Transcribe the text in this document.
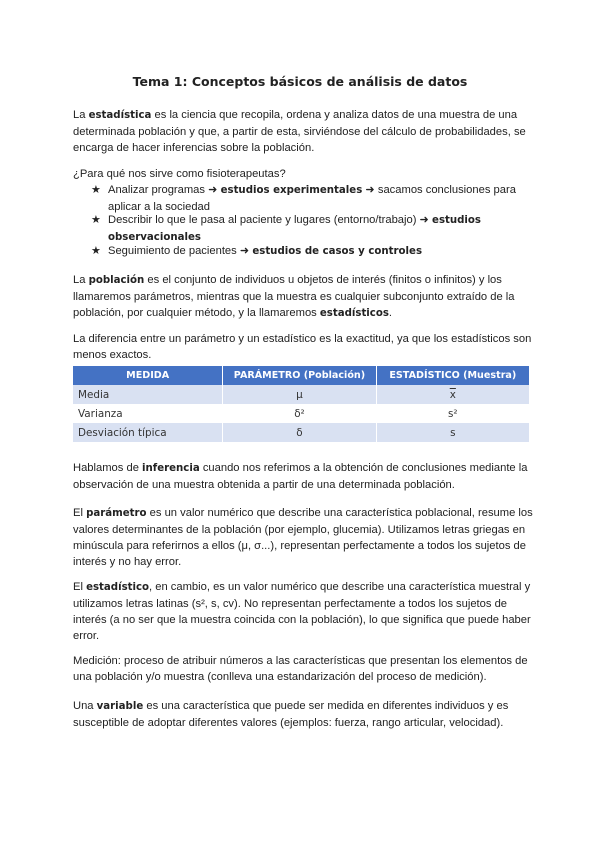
Tema 1: Conceptos básicos de análisis de datos
La estadística es la ciencia que recopila, ordena y analiza datos de una muestra de una determinada población y que, a partir de esta, sirviéndose del cálculo de probabilidades, se encarga de hacer inferencias sobre la población.
¿Para qué nos sirve como fisioterapeutas?
★ Analizar programas ➜ estudios experimentales ➜ sacamos conclusiones para aplicar a la sociedad
★ Describir lo que le pasa al paciente y lugares (entorno/trabajo) ➜ estudios observacionales
★ Seguimiento de pacientes ➜ estudios de casos y controles
La población es el conjunto de individuos u objetos de interés (finitos o infinitos) y los llamaremos parámetros, mientras que la muestra es cualquier subconjunto extraído de la población, por cualquier método, y la llamaremos estadísticos.
La diferencia entre un parámetro y un estadístico es la exactitud, ya que los estadísticos son menos exactos.
MEDIDA	PARÁMETRO (Población)	ESTADÍSTICO (Muestra)
Media	μ	$\overline{x}$
Varianza	δ²	s²
Desviación típica	δ	s
Hablamos de inferencia cuando nos referimos a la obtención de conclusiones mediante la observación de una muestra obtenida a partir de una determinada población.
El parámetro es un valor numérico que describe una característica poblacional, resume los valores determinantes de la población (por ejemplo, glucemia). Utilizamos letras griegas en minúscula para referirnos a ellos (μ, σ...), representan perfectamente a todos los sujetos de interés y no hay error.
El estadístico, en cambio, es un valor numérico que describe una característica muestral y utilizamos letras latinas (s², s, cv). No representan perfectamente a todos los sujetos de interés (a no ser que la muestra coincida con la población), lo que significa que puede haber error.
Medición: proceso de atribuir números a las características que presentan los elementos de una población y/o muestra (conlleva una estandarización del proceso de medición).
Una variable es una característica que puede ser medida en diferentes individuos y es susceptible de adoptar diferentes valores (ejemplos: fuerza, rango articular, velocidad).
